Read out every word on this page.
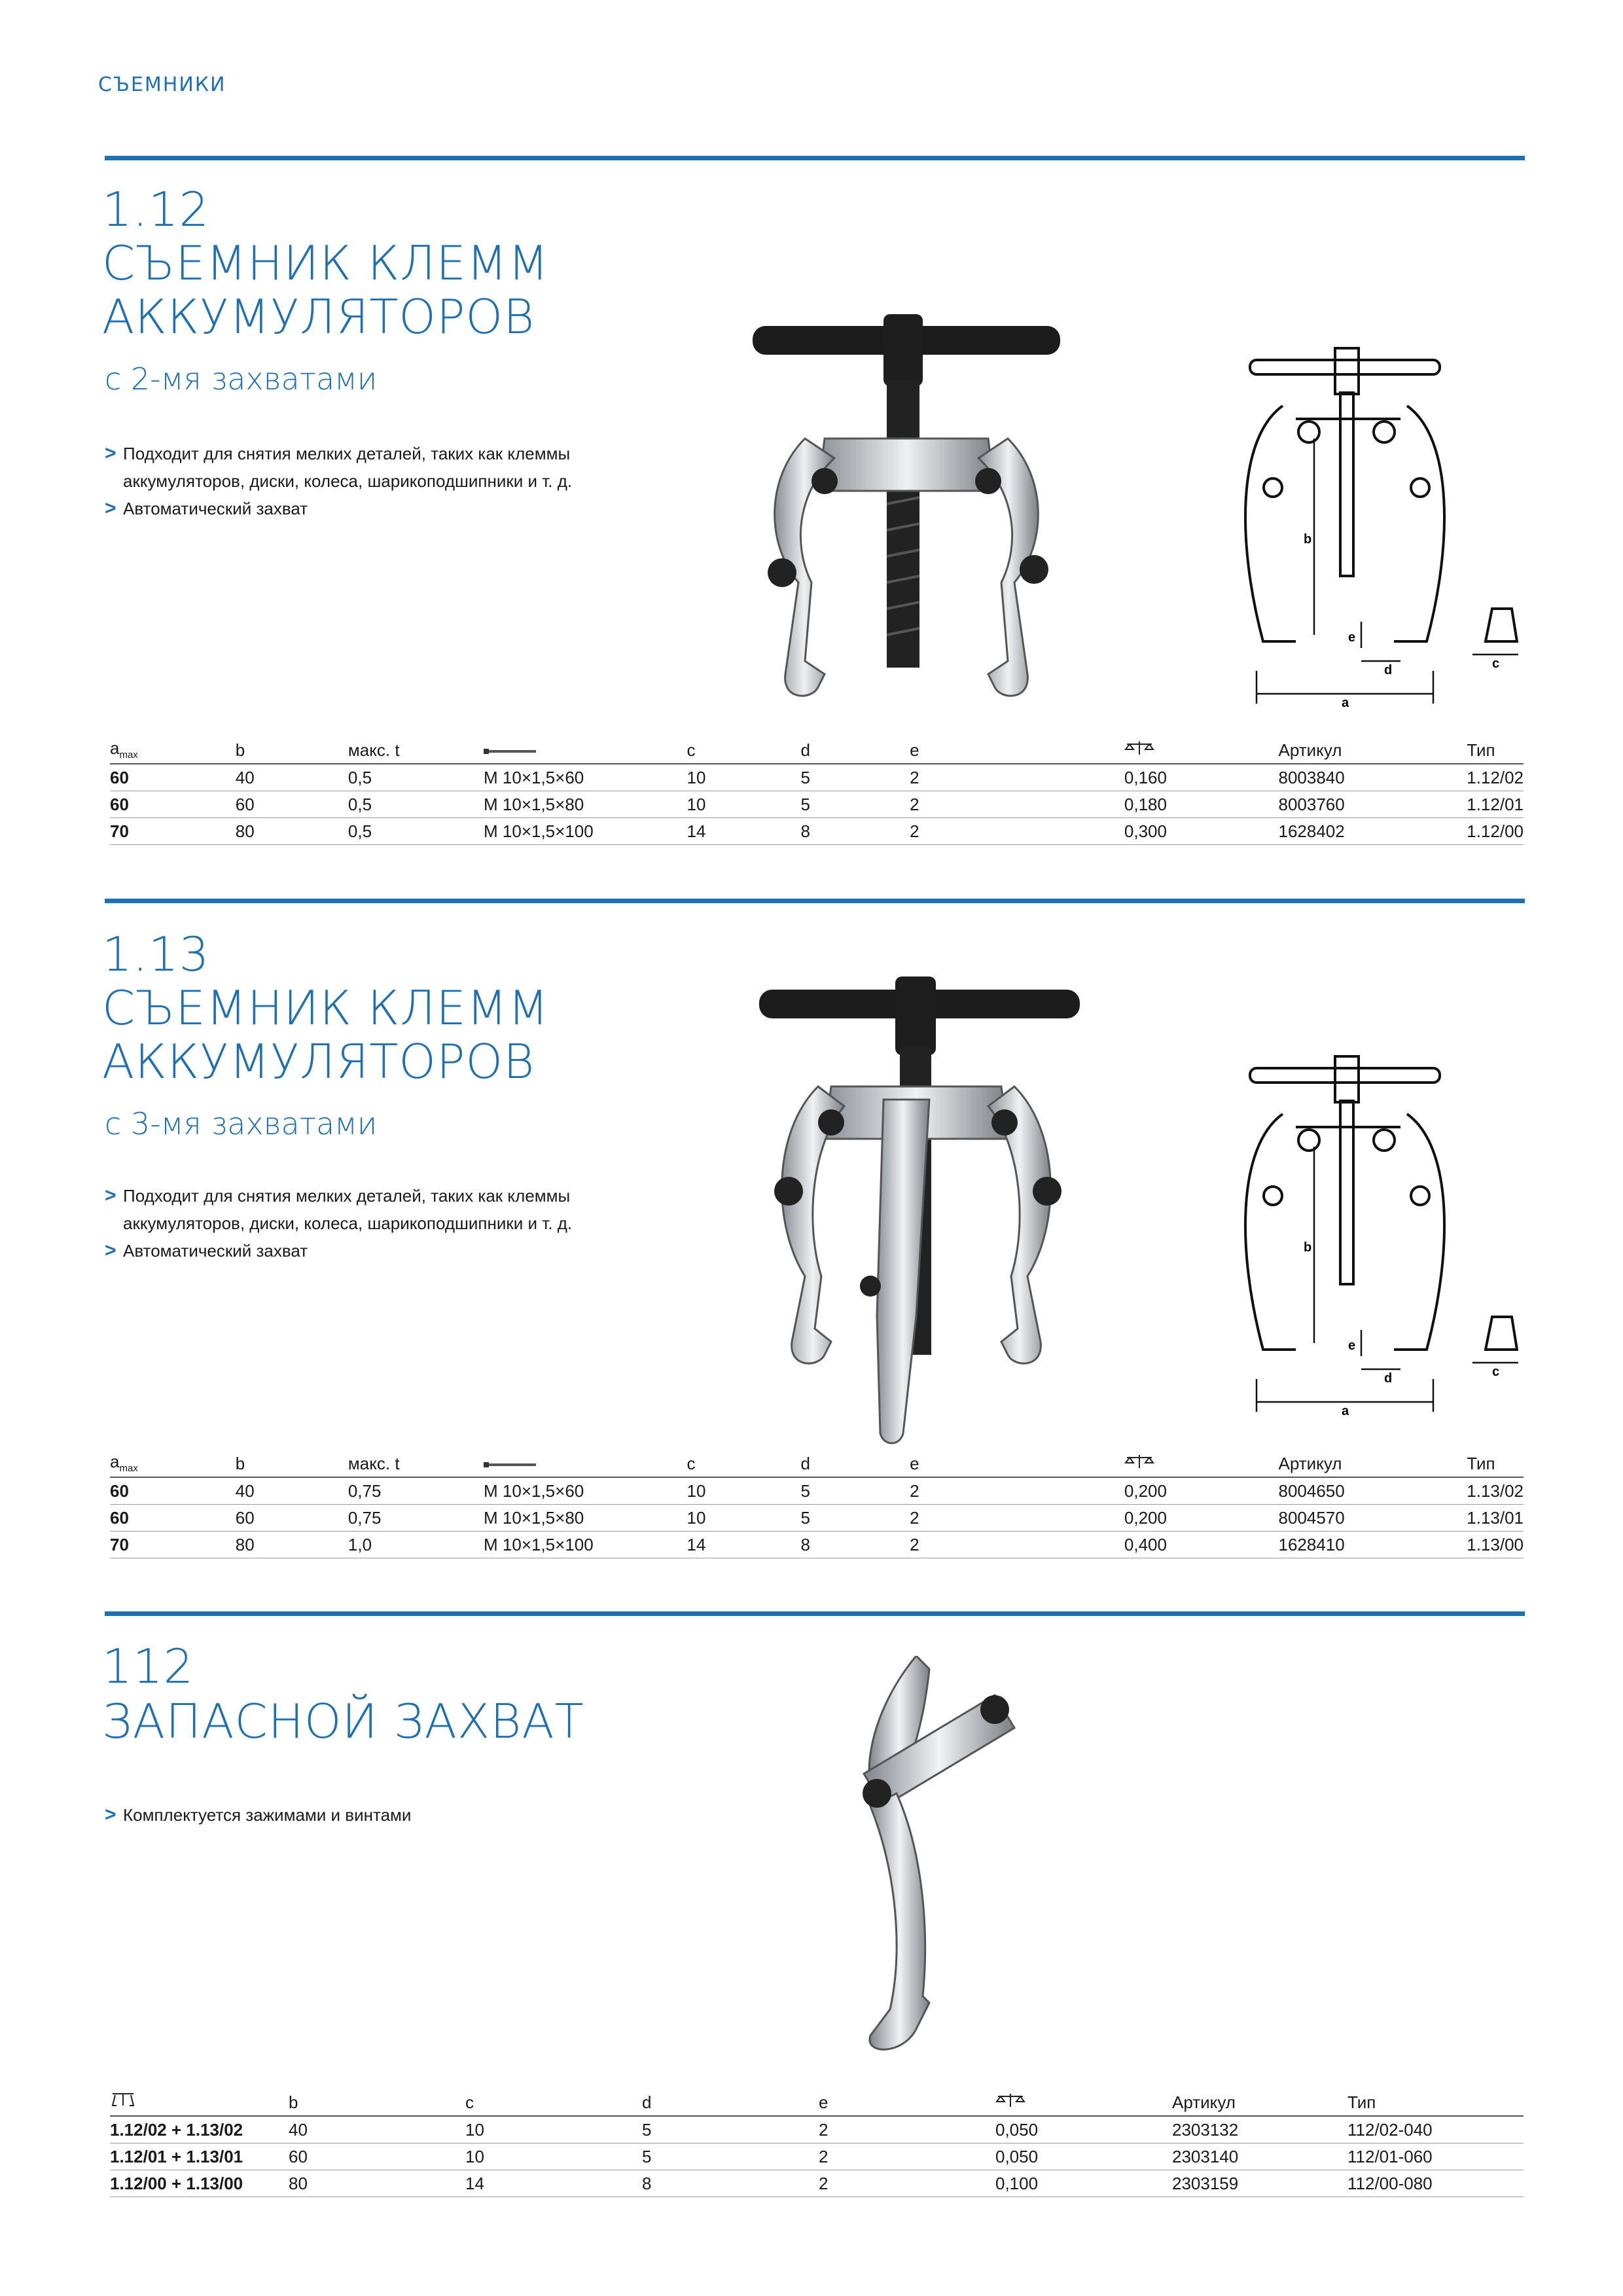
СЪЕМНИКИ
1.12
СЪЕМНИК КЛЕММ
АККУМУЛЯТОРОВ
с 2-мя захватами
> Подходит для снятия мелких деталей, таких как клеммы аккумуляторов, диски, колеса, шарикоподшипники и т. д.
> Автоматический захват
b
e
d	c
a
$a_{max}$	b	макс. t		c	d	e		Артикул	Тип
60	40	0,5	M 10×1,5×60	10	5	2	0,160	8003840	1.12/02
60	60	0,5	M 10×1,5×80	10	5	2	0,180	8003760	1.12/01
70	80	0,5	M 10×1,5×100	14	8	2	0,300	1628402	1.12/00
1.13
СЪЕМНИК КЛЕММ
АККУМУЛЯТОРОВ
с 3-мя захватами
> Подходит для снятия мелких деталей, таких как клеммы аккумуляторов, диски, колеса, шарикоподшипники и т. д.
> Автоматический захват	b
e
d	c
a
$a_{max}$	b	макс. t		c	d	e		Артикул	Тип
60	40	0,75	M 10×1,5×60	10	5	2	0,200	8004650	1.13/02
60	60	0,75	M 10×1,5×80	10	5	2	0,200	8004570	1.13/01
70	80	1,0	M 10×1,5×100	14	8	2	0,400	1628410	1.13/00
112
ЗАПАСНОЙ ЗАХВАТ
> Комплектуется зажимами и винтами
	b	c	d	e		Артикул	Тип
1.12/02 + 1.13/02	40	10	5	2	0,050	2303132	112/02-040
1.12/01 + 1.13/01	60	10	5	2	0,050	2303140	112/01-060
1.12/00 + 1.13/00	80	14	8	2	0,100	2303159	112/00-080
